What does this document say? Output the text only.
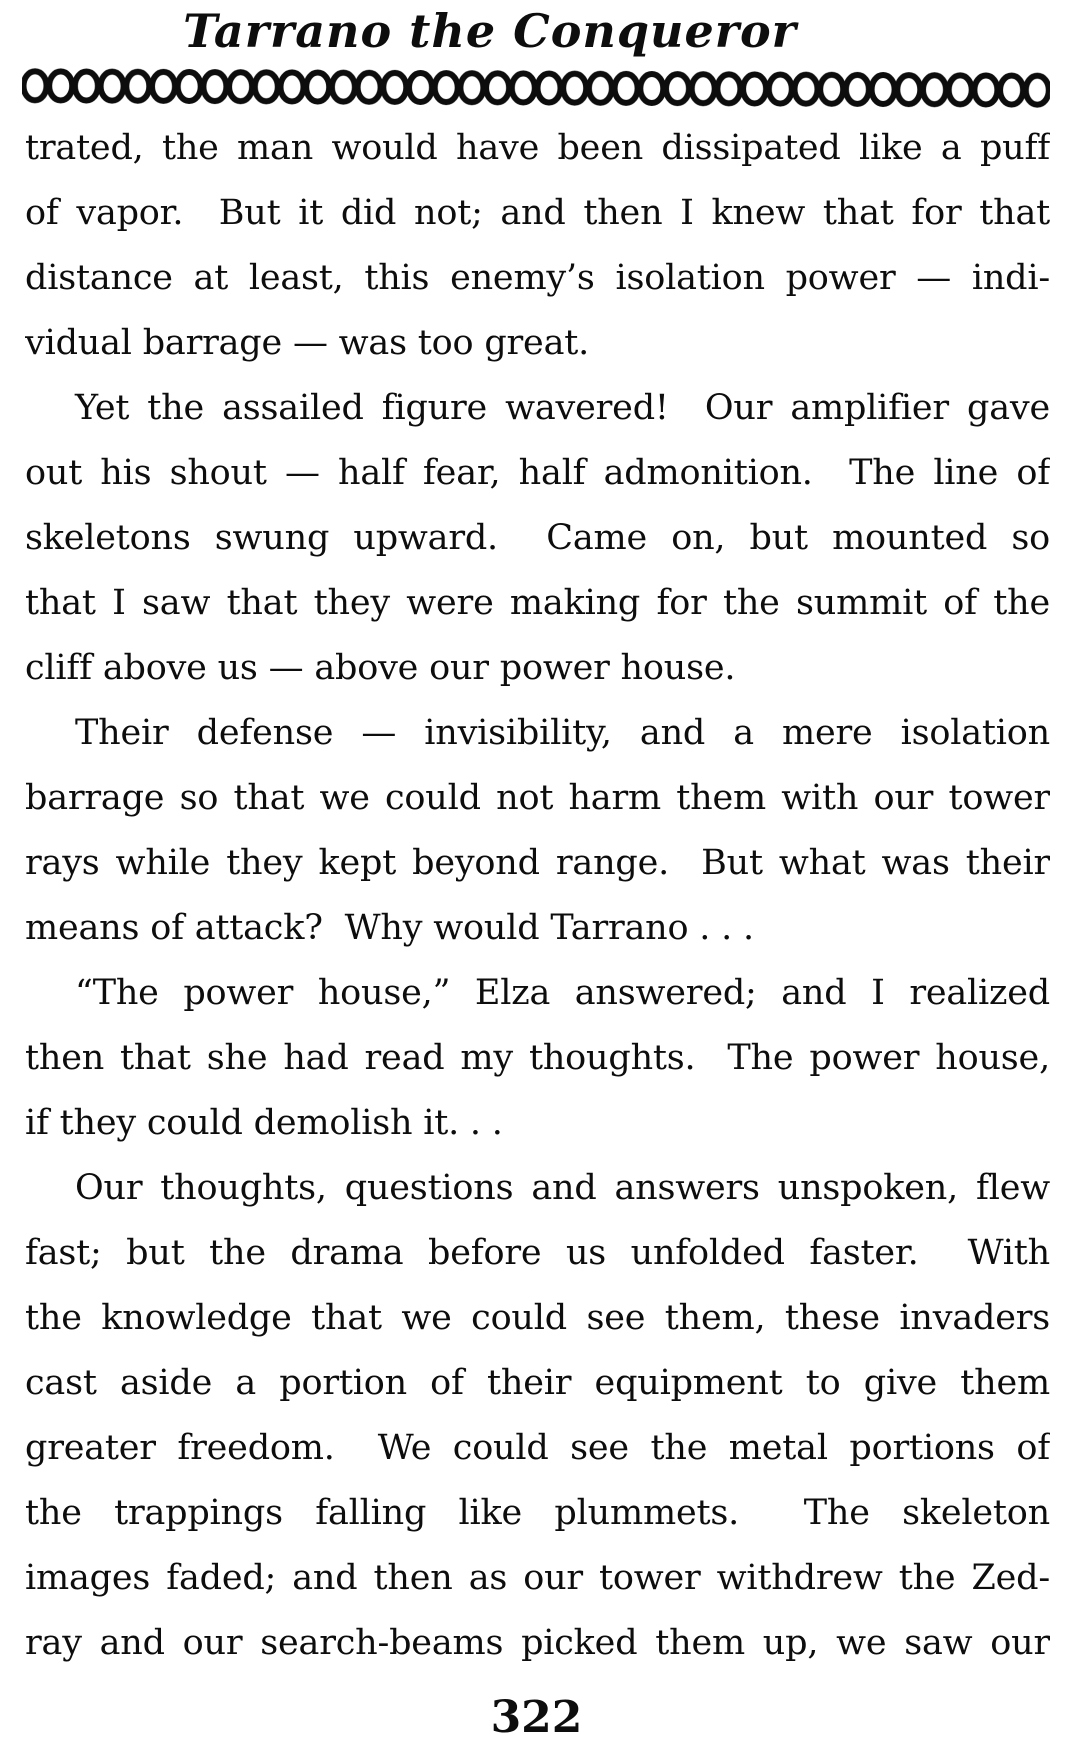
Tarrano the Conqueror
trated, the man would have been dissipated like a puff
of vapor.  But it did not; and then I knew that for that
distance at least, this enemy’s isolation power — indi-
vidual barrage — was too great.
Yet the assailed figure wavered!  Our amplifier gave
out his shout — half fear, half admonition.  The line of
skeletons swung upward.  Came on, but mounted so
that I saw that they were making for the summit of the
cliff above us — above our power house.
Their defense — invisibility, and a mere isolation
barrage so that we could not harm them with our tower
rays while they kept beyond range.  But what was their
means of attack?  Why would Tarrano . . .
“The power house,” Elza answered; and I realized
then that she had read my thoughts.  The power house,
if they could demolish it. . .
Our thoughts, questions and answers unspoken, flew
fast; but the drama before us unfolded faster.  With
the knowledge that we could see them, these invaders
cast aside a portion of their equipment to give them
greater freedom.  We could see the metal portions of
the trappings falling like plummets.  The skeleton
images faded; and then as our tower withdrew the Zed-
ray and our search-beams picked them up, we saw our
322
